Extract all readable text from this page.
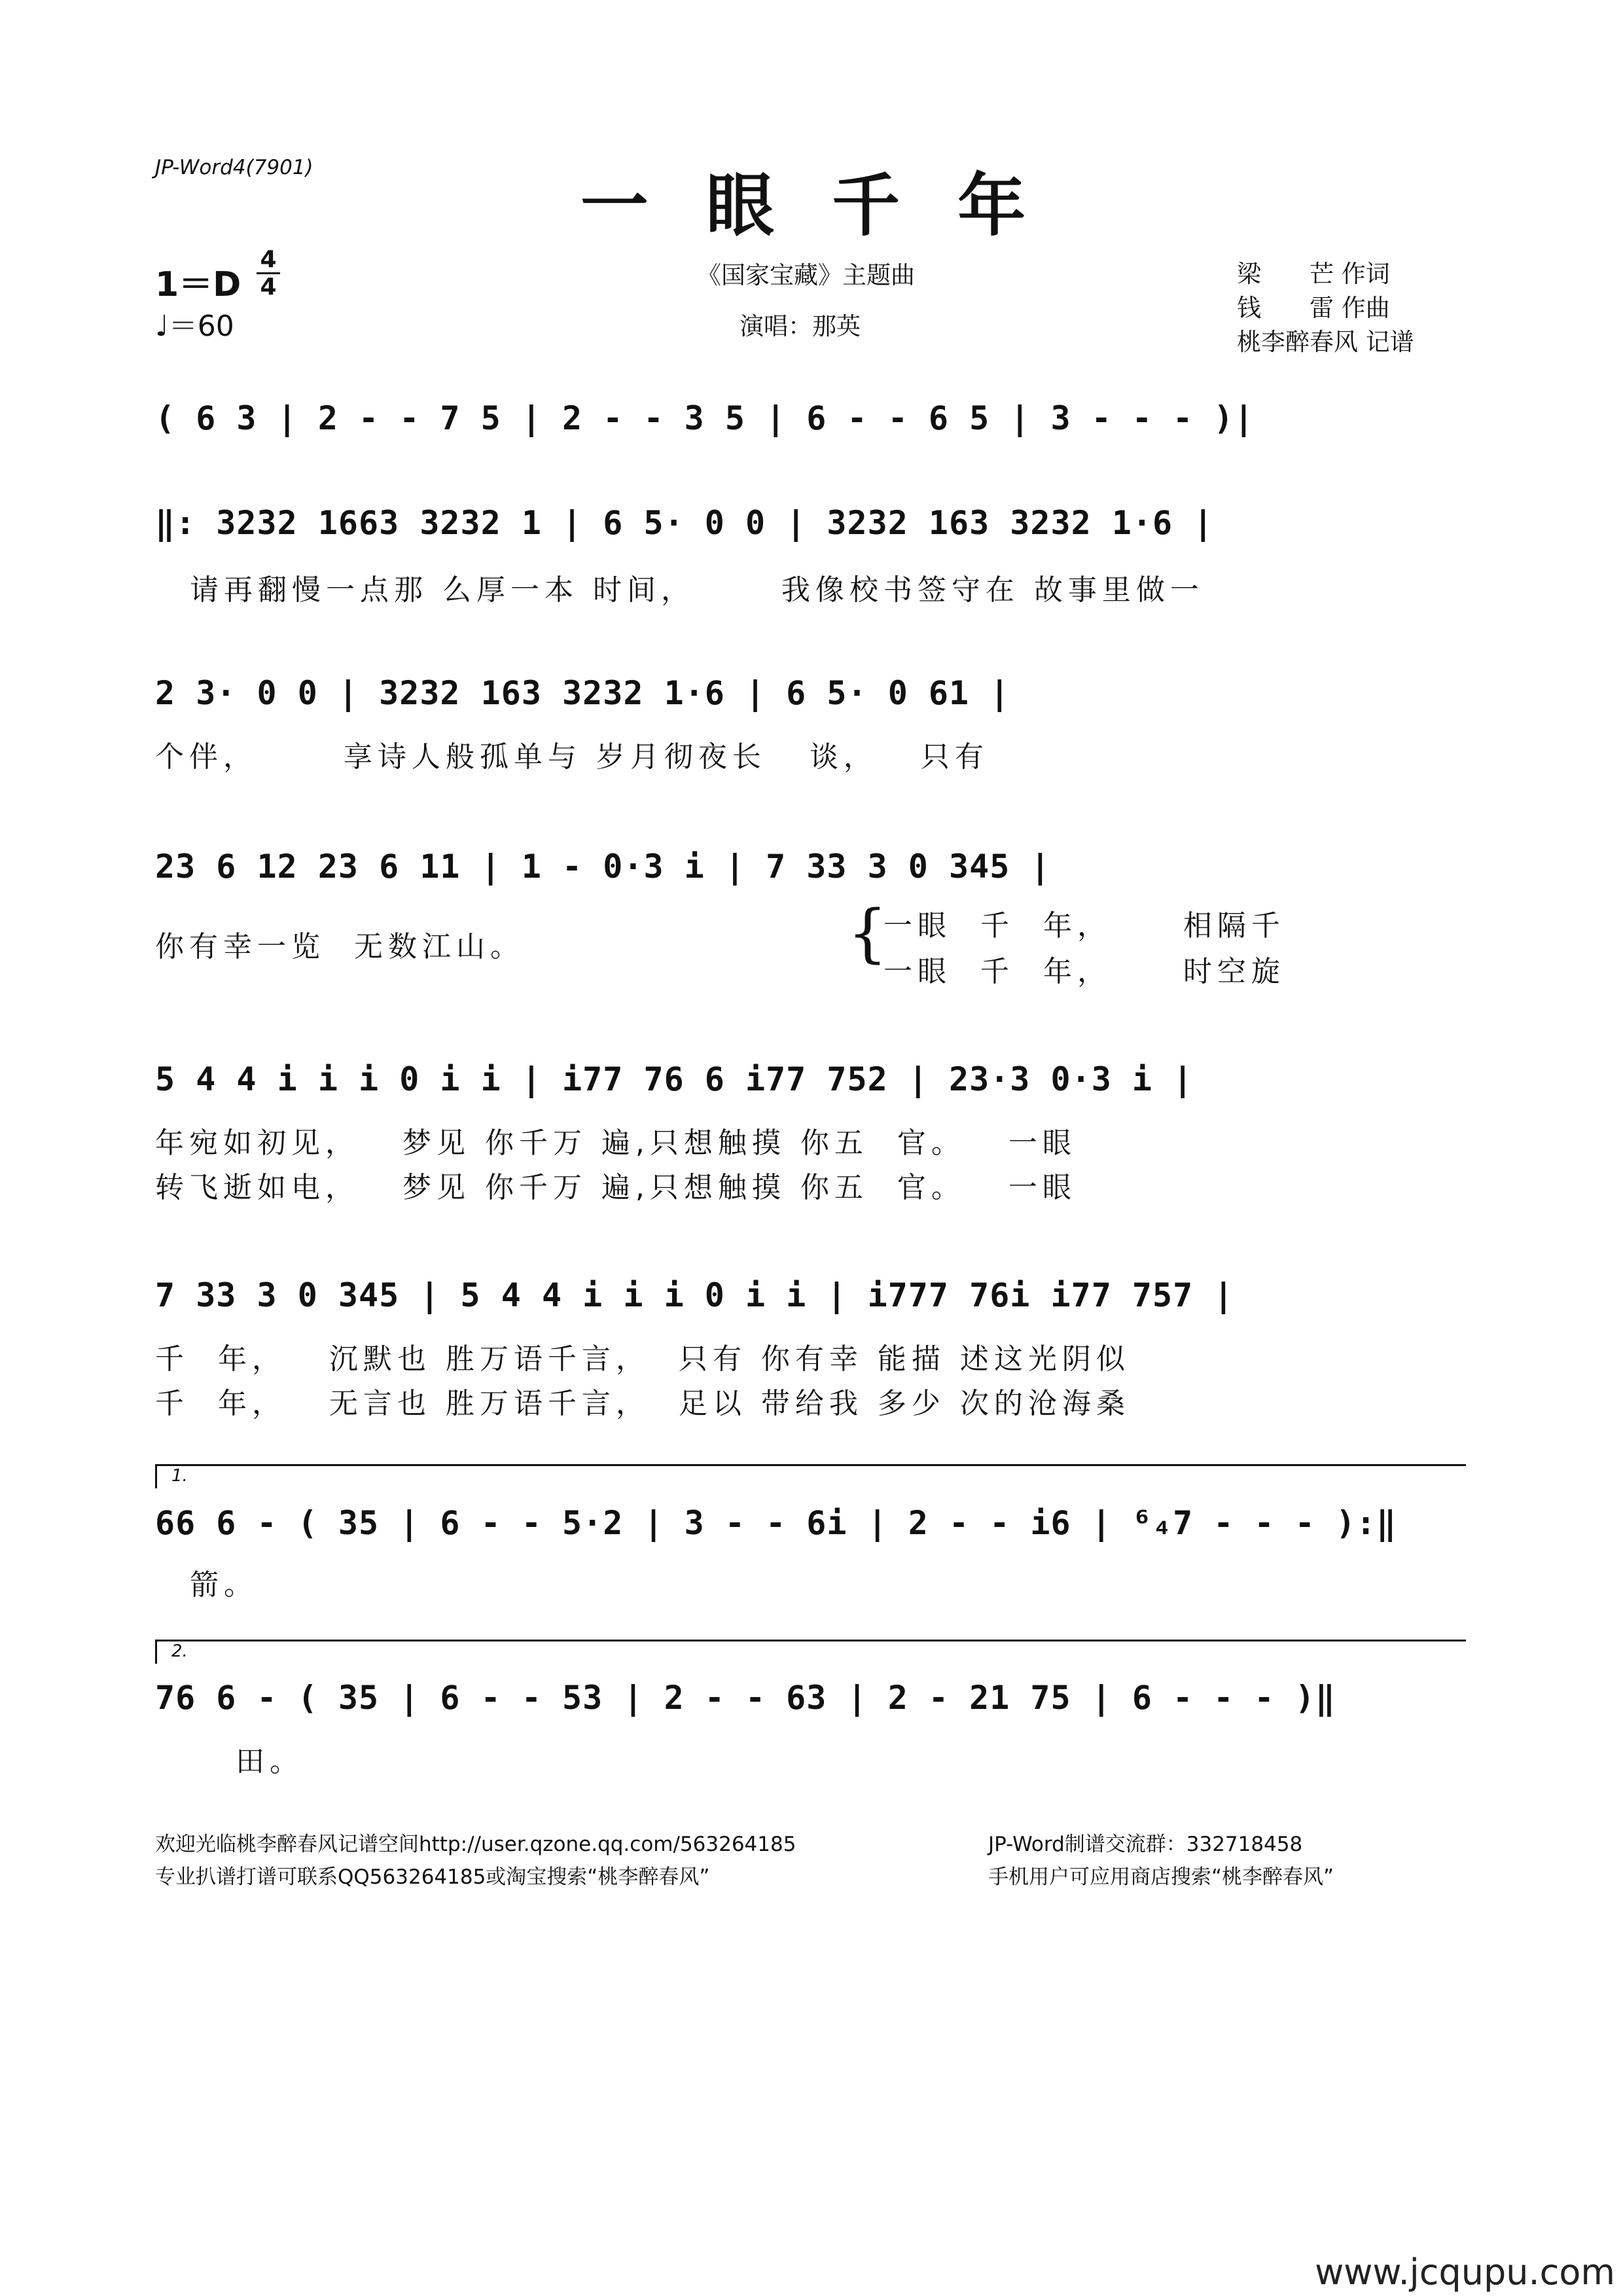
JP-Word4(7901)	一 眼 千 年
1＝D
4
4
♩＝60
《国家宝藏》主题曲
演唱：那英
梁　　芒 作词
钱　　雷 作曲
桃李醉春风 记谱
( 6 3 | 2 - - 7 5 | 2 - - 3 5 | 6 - - 6 5 | 3 - - - )|
‖: 3232 1663 3232 1 | 6 5· 0 0 | 3232 163 3232 1·6 |
请再翻慢一点那 么厚一本 时间，      我像校书签守在 故事里做一
2 3· 0 0 | 3232 163 3232 1·6 | 6 5· 0 61 |
个伴，      享诗人般孤单与 岁月彻夜长   谈，   只有
23 6 12 23 6 11 | 1 - 0·3 i | 7 33 3 0 345 |
你有幸一览  无数江山。	{
一眼  千  年，     相隔千
一眼  千  年，     时空旋
5 4 4 i i i 0 i i | i77 76 6 i77 752 | 23·3 0·3 i |
年宛如初见，   梦见 你千万 遍,只想触摸 你五  官。   一眼
转飞逝如电，   梦见 你千万 遍,只想触摸 你五  官。   一眼
7 33 3 0 345 | 5 4 4 i i i 0 i i | i777 76i i77 757 |
千  年，   沉默也 胜万语千言，  只有 你有幸 能描 述这光阴似
千  年，   无言也 胜万语千言，  足以 带给我 多少 次的沧海桑
1.
66 6 - ( 35 | 6 - - 5·2 | 3 - - 6i | 2 - - i6 | ⁶₄7 - - - ):‖
箭。
2.
76 6 - ( 35 | 6 - - 53 | 2 - - 63 | 2 - 21 75 | 6 - - - )‖
田。
欢迎光临桃李醉春风记谱空间http://user.qzone.qq.com/563264185	JP-Word制谱交流群：332718458
专业扒谱打谱可联系QQ563264185或淘宝搜索“桃李醉春风”	手机用户可应用商店搜索“桃李醉春风”
www.jcqupu.com
